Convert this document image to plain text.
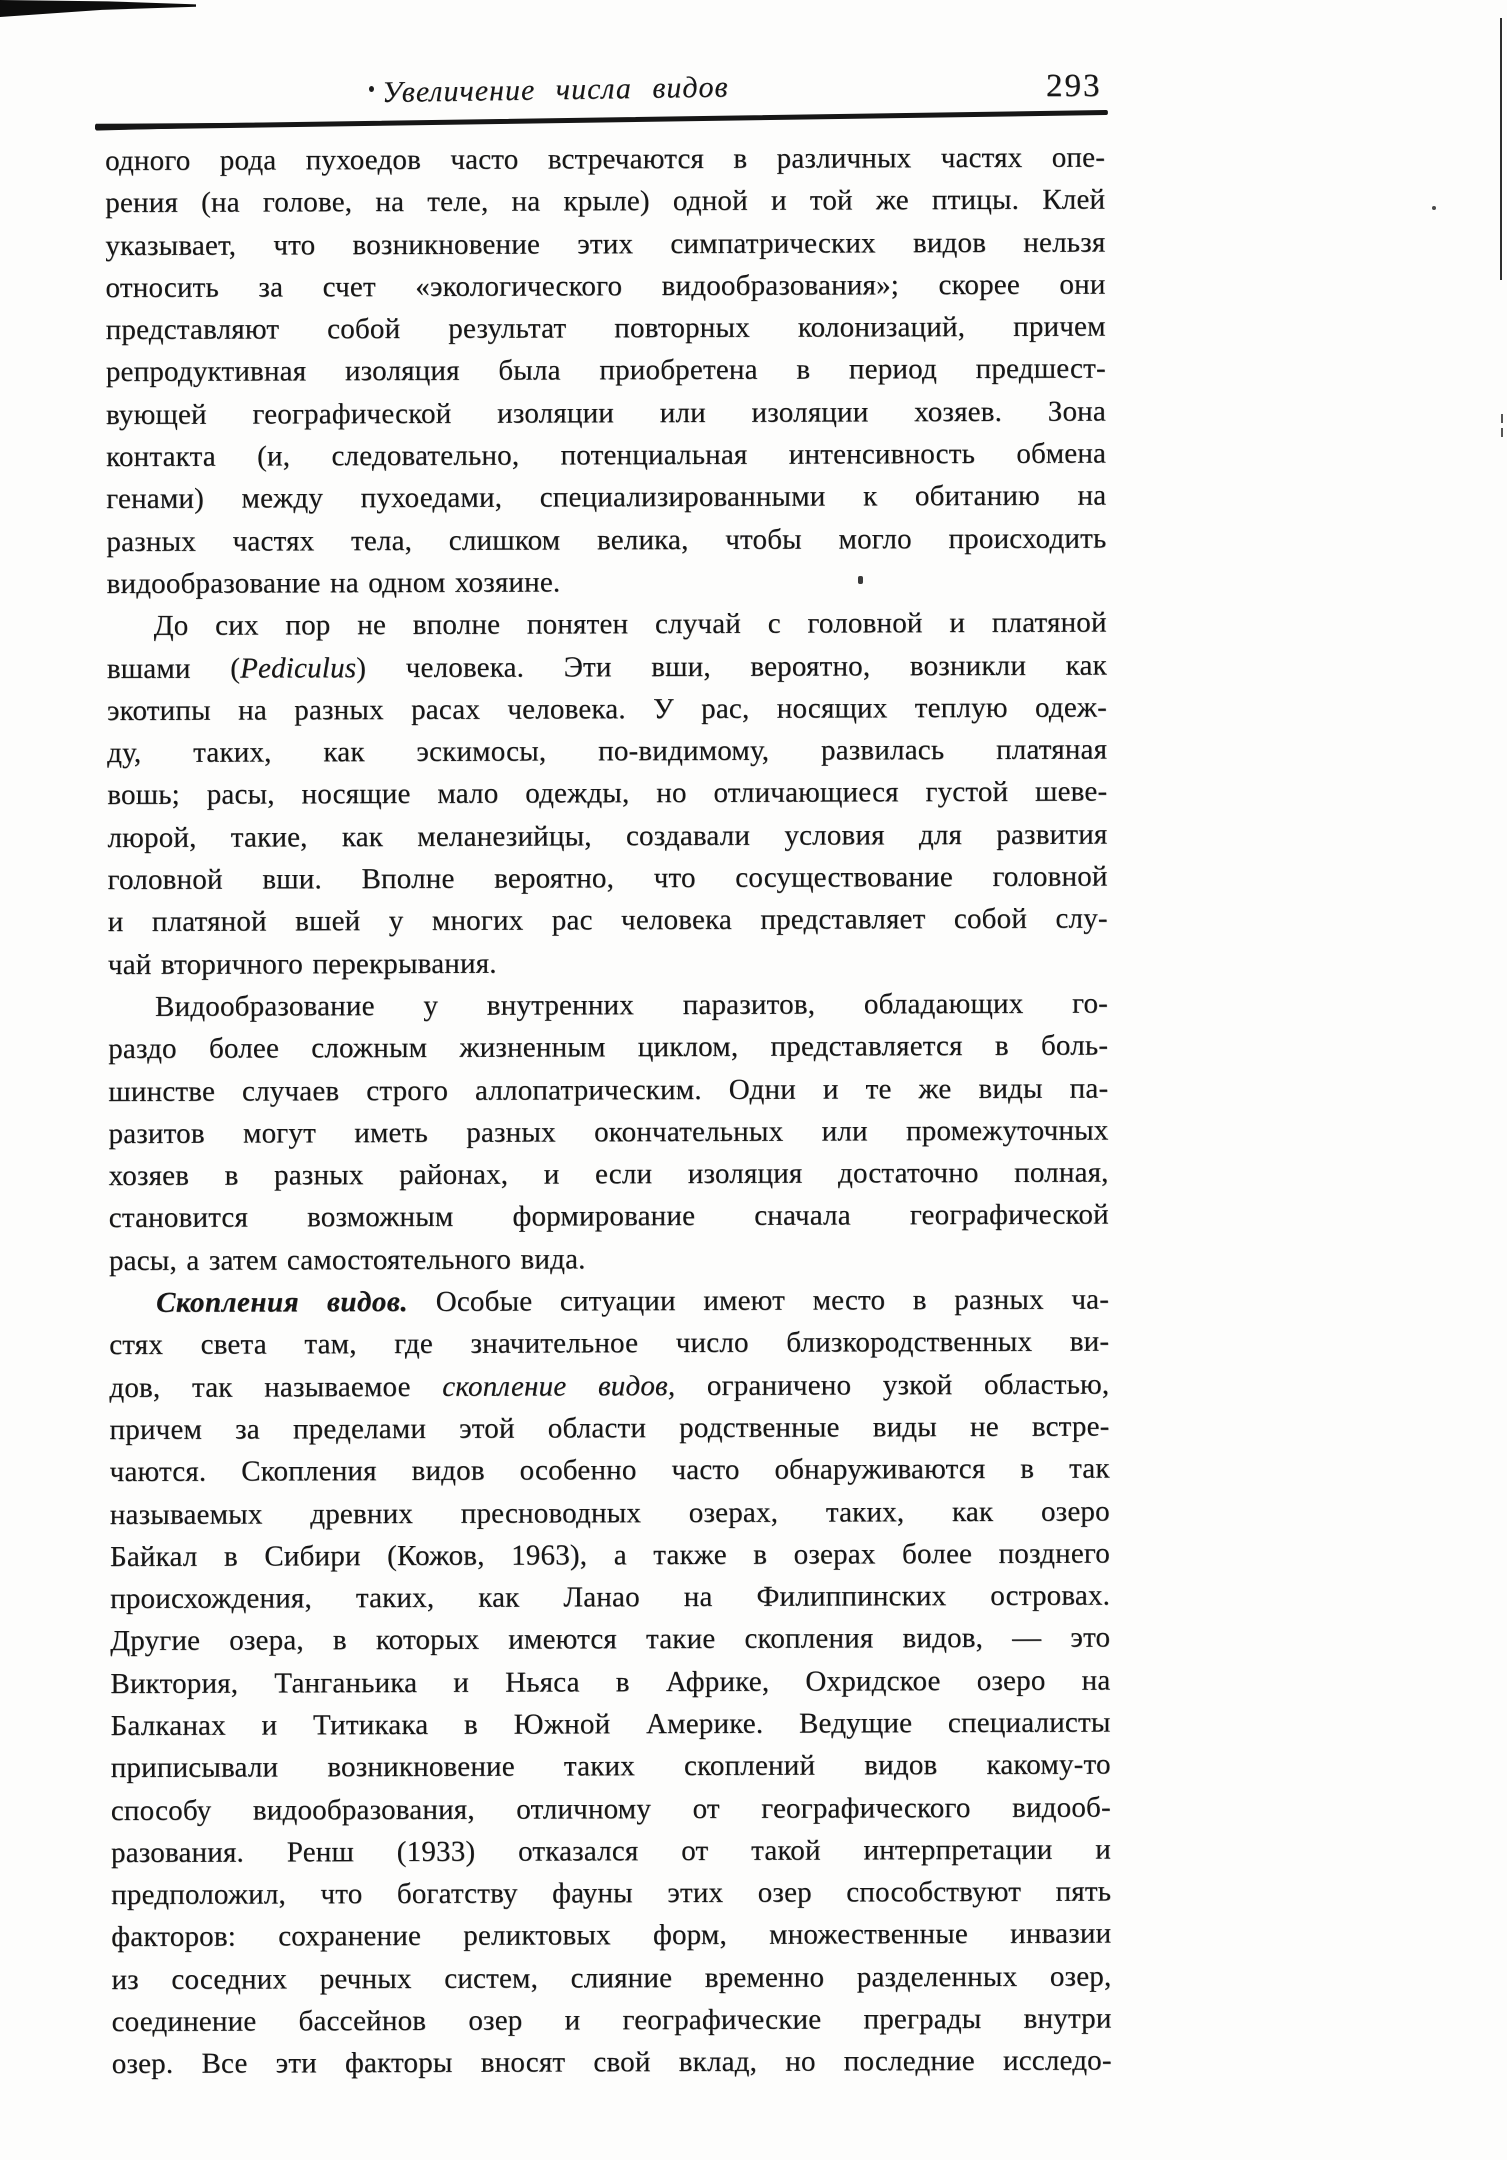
Увеличение числа видов	293
одного рода пухоедов часто встречаются в различных частях опе-
рения (на голове, на теле, на крыле) одной и той же птицы. Клей
указывает, что возникновение этих симпатрических видов нельзя
относить за счет «экологического видообразования»; скорее они
представляют собой результат повторных колонизаций, причем
репродуктивная изоляция была приобретена в период предшест-
вующей географической изоляции или изоляции хозяев. Зона
контакта (и, следовательно, потенциальная интенсивность обмена
генами) между пухоедами, специализированными к обитанию на
разных частях тела, слишком велика, чтобы могло происходить
видообразование на одном хозяине.
До сих пор не вполне понятен случай с головной и платяной
вшами (Pediculus) человека. Эти вши, вероятно, возникли как
экотипы на разных расах человека. У рас, носящих теплую одеж-
ду, таких, как эскимосы, по-видимому, развилась платяная
вошь; расы, носящие мало одежды, но отличающиеся густой шеве-
люрой, такие, как меланезийцы, создавали условия для развития
головной вши. Вполне вероятно, что сосуществование головной
и платяной вшей у многих рас человека представляет собой слу-
чай вторичного перекрывания.
Видообразование у внутренних паразитов, обладающих го-
раздо более сложным жизненным циклом, представляется в боль-
шинстве случаев строго аллопатрическим. Одни и те же виды па-
разитов могут иметь разных окончательных или промежуточных
хозяев в разных районах, и если изоляция достаточно полная,
становится возможным формирование сначала географической
расы, а затем самостоятельного вида.
Скопления видов. Особые ситуации имеют место в разных ча-
стях света там, где значительное число близкородственных ви-
дов, так называемое скопление видов, ограничено узкой областью,
причем за пределами этой области родственные виды не встре-
чаются. Скопления видов особенно часто обнаруживаются в так
называемых древних пресноводных озерах, таких, как озеро
Байкал в Сибири (Кожов, 1963), а также в озерах более позднего
происхождения, таких, как Ланао на Филиппинских островах.
Другие озера, в которых имеются такие скопления видов, — это
Виктория, Танганьика и Ньяса в Африке, Охридское озеро на
Балканах и Титикака в Южной Америке. Ведущие специалисты
приписывали возникновение таких скоплений видов какому-то
способу видообразования, отличному от географического видооб-
разования. Ренш (1933) отказался от такой интерпретации и
предположил, что богатству фауны этих озер способствуют пять
факторов: сохранение реликтовых форм, множественные инвазии
из соседних речных систем, слияние временно разделенных озер,
соединение бассейнов озер и географические преграды внутри
озер. Все эти факторы вносят свой вклад, но последние исследо-
